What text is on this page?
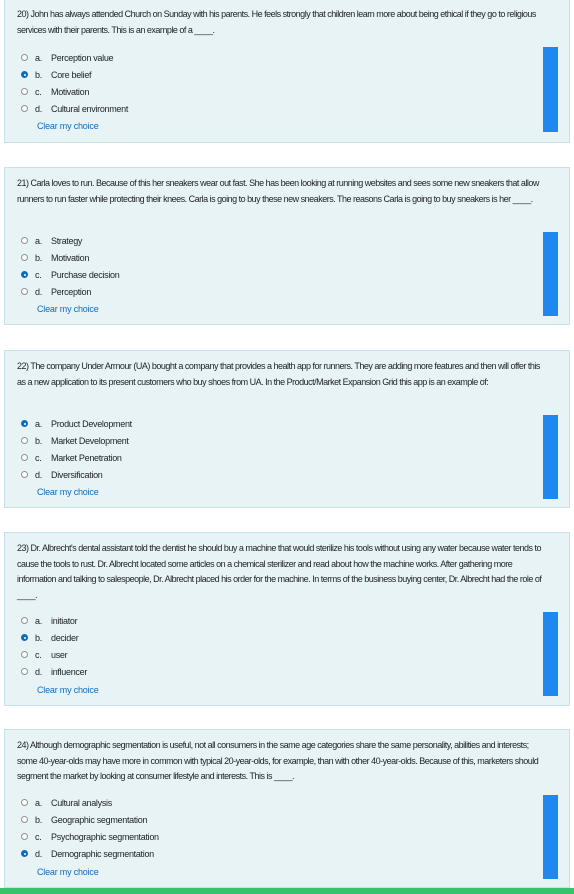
20) John has always attended Church on Sunday with his parents. He feels strongly that children learn more about being ethical if they go to religious services with their parents. This is an example of a ____.
a.	Perception value
b.	Core belief
c.	Motivation
d.	Cultural environment
Clear my choice
21) Carla loves to run. Because of this her sneakers wear out fast. She has been looking at running websites and sees some new sneakers that allow runners to run faster while protecting their knees. Carla is going to buy these new sneakers. The reasons Carla is going to buy sneakers is her ____.
a.	Strategy
b.	Motivation
c.	Purchase decision
d.	Perception
Clear my choice
22) The company Under Armour (UA) bought a company that provides a health app for runners. They are adding more features and then will offer this as a new application to its present customers who buy shoes from UA. In the Product/Market Expansion Grid this app is an example of:
a.	Product Development
b.	Market Development
c.	Market Penetration
d.	Diversification
Clear my choice
23) Dr. Albrecht's dental assistant told the dentist he should buy a machine that would sterilize his tools without using any water because water tends to cause the tools to rust. Dr. Albrecht located some articles on a chemical sterilizer and read about how the machine works. After gathering more information and talking to salespeople, Dr. Albrecht placed his order for the machine. In terms of the business buying center, Dr. Albrecht had the role of ____.
a.	initiator
b.	decider
c.	user
d.	influencer
Clear my choice
24) Although demographic segmentation is useful, not all consumers in the same age categories share the same personality, abilities and interests; some 40-year-olds may have more in common with typical 20-year-olds, for example, than with other 40-year-olds. Because of this, marketers should segment the market by looking at consumer lifestyle and interests. This is ____.
a.	Cultural analysis
b.	Geographic segmentation
c.	Psychographic segmentation
d.	Demographic segmentation
Clear my choice
